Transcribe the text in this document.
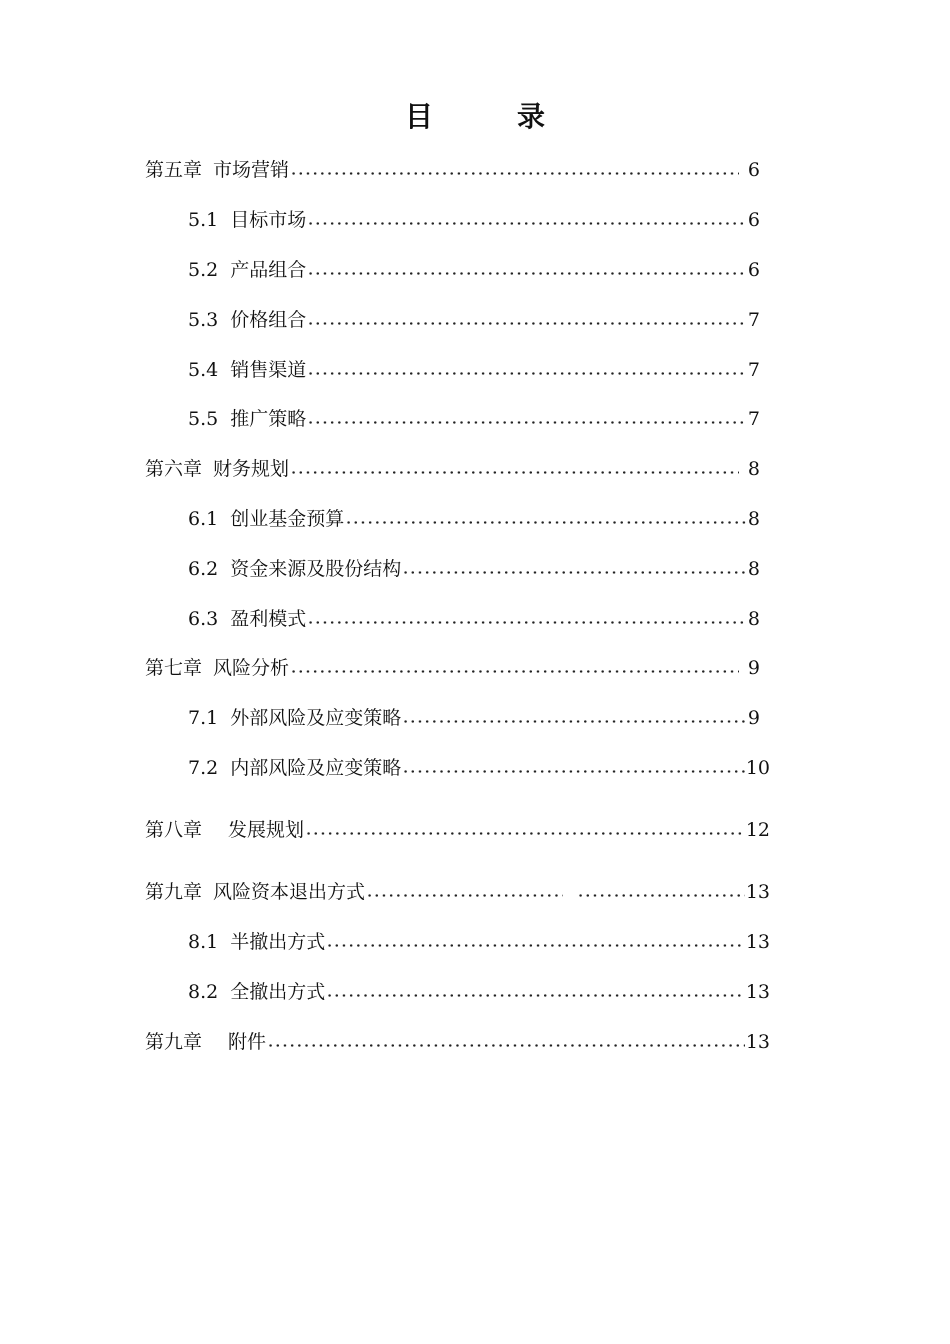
目　录
第五章 市场营销	6
5.1 目标市场	6
5.2 产品组合	6
5.3 价格组合	7
5.4 销售渠道	7
5.5 推广策略	7
第六章 财务规划	8
6.1 创业基金预算	8
6.2 资金来源及股份结构	8
6.3 盈利模式	8
第七章 风险分析	9
7.1 外部风险及应变策略	9
7.2 内部风险及应变策略	10
第八章 发展规划	12
第九章 风险资本退出方式	13
8.1 半撤出方式	13
8.2 全撤出方式	13
第九章 附件	13
